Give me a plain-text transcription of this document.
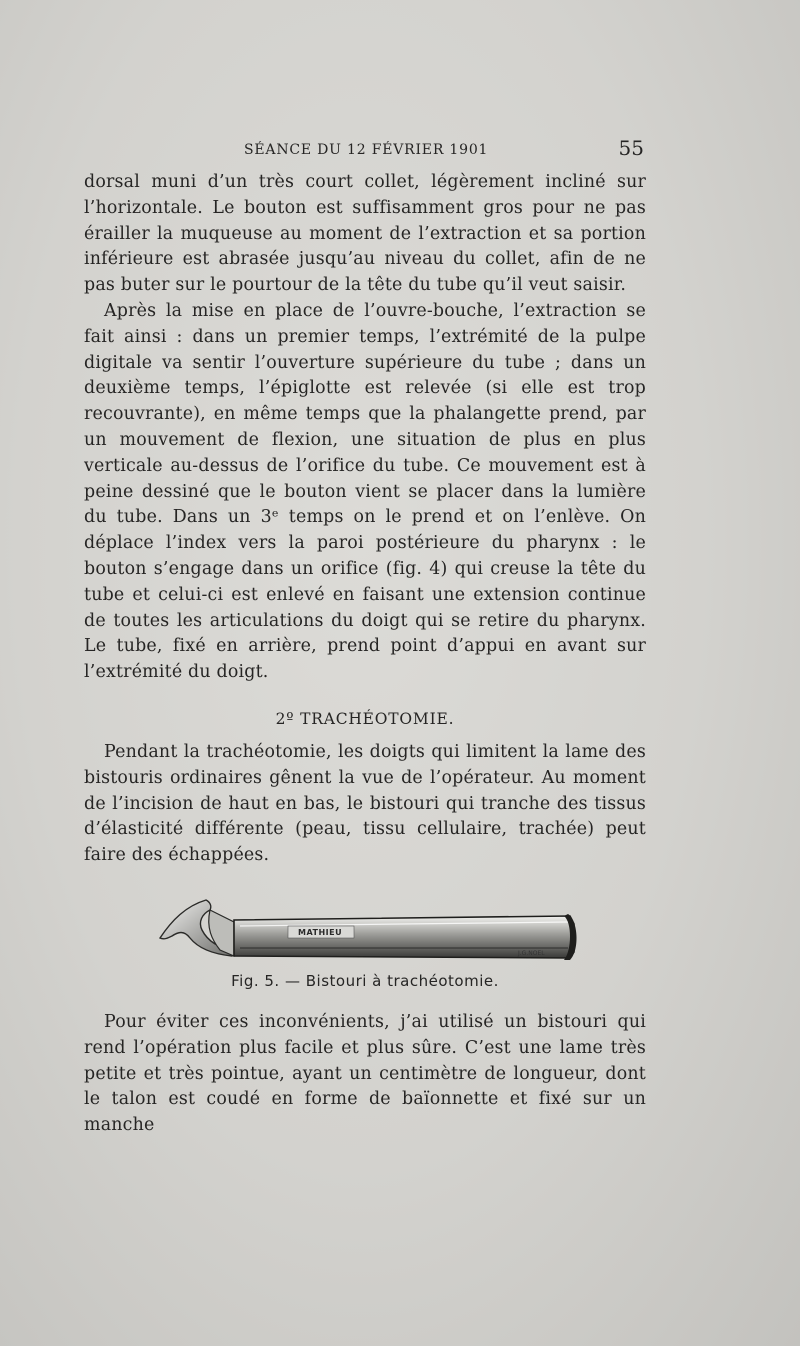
SÉANCE DU 12 FÉVRIER 1901	55

dorsal muni d’un très court collet, légèrement incliné sur l’horizontale. Le bouton est suffisamment gros pour ne pas érailler la muqueuse au moment de l’extraction et sa portion inférieure est abrasée jusqu’au niveau du collet, afin de ne pas buter sur le pourtour de la tête du tube qu’il veut saisir.

Après la mise en place de l’ouvre-bouche, l’extraction se fait ainsi : dans un premier temps, l’extrémité de la pulpe digitale va sentir l’ouverture supérieure du tube ; dans un deuxième temps, l’épiglotte est relevée (si elle est trop recouvrante), en même temps que la phalangette prend, par un mouvement de flexion, une situation de plus en plus verticale au-dessus de l’orifice du tube. Ce mouvement est à peine dessiné que le bouton vient se placer dans la lumière du tube. Dans un 3ᵉ temps on le prend et on l’enlève. On déplace l’index vers la paroi postérieure du pharynx : le bouton s’engage dans un orifice (fig. 4) qui creuse la tête du tube et celui-ci est enlevé en faisant une extension continue de toutes les articulations du doigt qui se retire du pharynx. Le tube, fixé en arrière, prend point d’appui en avant sur l’extrémité du doigt.

2º TRACHÉOTOMIE.

Pendant la trachéotomie, les doigts qui limitent la lame des bistouris ordinaires gênent la vue de l’opérateur. Au moment de l’incision de haut en bas, le bistouri qui tranche des tissus d’élasticité différente (peau, tissu cellulaire, trachée) peut faire des échappées.

MATHIEU
J.G.NOEL
Fig. 5. — Bistouri à trachéotomie.

Pour éviter ces inconvénients, j’ai utilisé un bistouri qui rend l’opération plus facile et plus sûre. C’est une lame très petite et très pointue, ayant un centimètre de longueur, dont le talon est coudé en forme de baïonnette et fixé sur un manche
